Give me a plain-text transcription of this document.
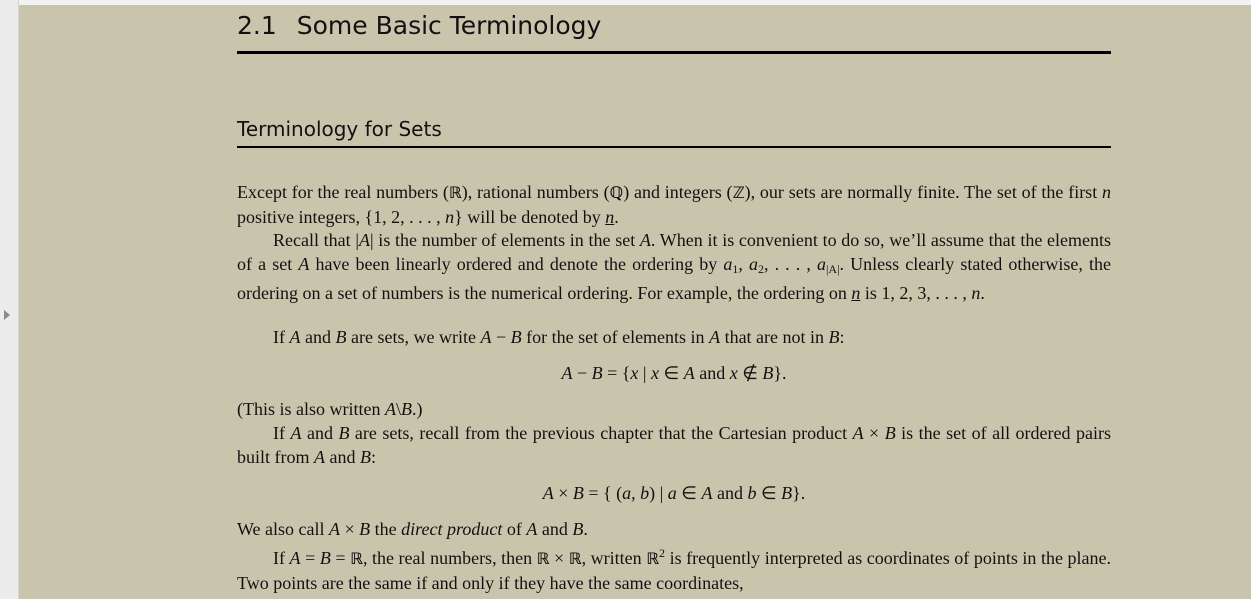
2.1 Some Basic Terminology
Terminology for Sets

Except for the real numbers (ℝ), rational numbers (ℚ) and integers (ℤ), our sets are normally finite. The set of the first n positive integers, {1, 2, . . . , n} will be denoted by n.

Recall that |A| is the number of elements in the set A. When it is convenient to do so, we’ll assume that the elements of a set A have been linearly ordered and denote the ordering by $a_1$, $a_2$, . . . , $a_{|A|}$. Unless clearly stated otherwise, the ordering on a set of numbers is the numerical ordering. For example, the ordering on n is 1, 2, 3, . . . , n.

If A and B are sets, we write A − B for the set of elements in A that are not in B:

A − B = {x | x ∈ A and x ∉ B}.

(This is also written A\B.)

If A and B are sets, recall from the previous chapter that the Cartesian product A × B is the set of all ordered pairs built from A and B:

A × B = { (a, b) | a ∈ A and b ∈ B}.

We also call A × B the direct product of A and B.

If A = B = ℝ, the real numbers, then ℝ × ℝ, written ℝ$^2$ is frequently interpreted as coordinates of points in the plane. Two points are the same if and only if they have the same coordinates,
